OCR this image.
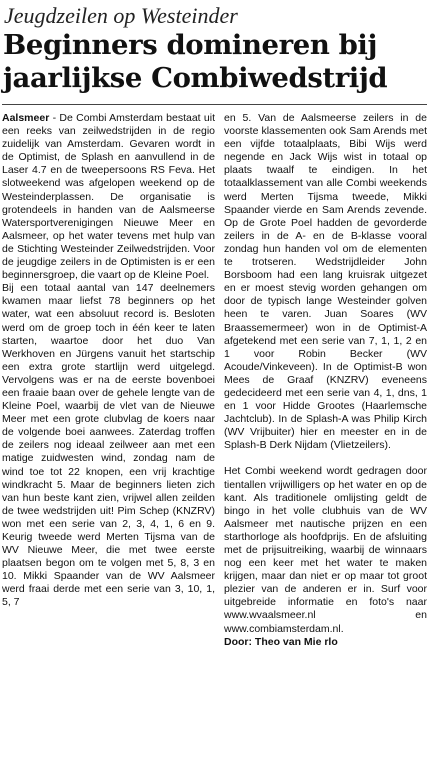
Jeugdzeilen op Westeinder
Beginners domineren bij
jaarlijkse Combiwedstrijd

Aalsmeer - De Combi Amsterdam bestaat uit een reeks van zeilwedstrijden in de regio zuidelijk van Amsterdam. Gevaren wordt in de Optimist, de Splash en aanvullend in de Laser 4.7 en de tweepersoons RS Feva. Het slotweekend was afgelopen weekend op de Westeinderplassen. De organisatie is grotendeels in handen van de Aalsmeerse Watersportverenigingen Nieuwe Meer en Aalsmeer, op het water tevens met hulp van de Stichting Westeinder Zeilwedstrijden. Voor de jeugdige zeilers in de Optimisten is er een beginnersgroep, die vaart op de Kleine Poel.

Bij een totaal aantal van 147 deelnemers kwamen maar liefst 78 beginners op het water, wat een absoluut record is. Besloten werd om de groep toch in één keer te laten starten, waartoe door het duo Van Werkhoven en Jürgens vanuit het startschip een extra grote startlijn werd uitgelegd. Vervolgens was er na de eerste bovenboei een fraaie baan over de gehele lengte van de Kleine Poel, waarbij de vlet van de Nieuwe Meer met een grote clubvlag de koers naar de volgende boei aanwees. Zaterdag troffen de zeilers nog ideaal zeilweer aan met een matige zuidwesten wind, zondag nam de wind toe tot 22 knopen, een vrij krachtige windkracht 5. Maar de beginners lieten zich van hun beste kant zien, vrijwel allen zeilden de twee wedstrijden uit! Pim Schep (KNZRV) won met een serie van 2, 3, 4, 1, 6 en 9. Keurig tweede werd Merten Tijsma van de WV Nieuwe Meer, die met twee eerste plaatsen begon om te volgen met 5, 8, 3 en 10. Mikki Spaander van de WV Aalsmeer werd fraai derde met een serie van 3, 10, 1, 5, 7

en 5. Van de Aalsmeerse zeilers in de voorste klassementen ook Sam Arends met een vijfde totaalplaats, Bibi Wijs werd negende en Jack Wijs wist in totaal op plaats twaalf te eindigen. In het totaalklassement van alle Combi weekends werd Merten Tijsma tweede, Mikki Spaander vierde en Sam Arends zevende. Op de Grote Poel hadden de gevorderde zeilers in de A- en de B-klasse vooral zondag hun handen vol om de elementen te trotseren. Wedstrijdleider John Borsboom had een lang kruisrak uitgezet en er moest stevig worden gehangen om door de typisch lange Westeinder golven heen te varen. Juan Soares (WV Braassemermeer) won in de Optimist-A afgetekend met een serie van 7, 1, 1, 2 en 1 voor Robin Becker (WV Acoude/Vinkeveen). In de Optimist-B won Mees de Graaf (KNZRV) eveneens gedecideerd met een serie van 4, 1, dns, 1 en 1 voor Hidde Grootes (Haarlemsche Jachtclub). In de Splash-A was Philip Kirch (WV Vrijbuiter) hier en meester en in de Splash-B Derk Nijdam (Vlietzeilers).

Het Combi weekend wordt gedragen door tientallen vrijwilligers op het water en op de kant. Als traditionele omlijsting geldt de bingo in het volle clubhuis van de WV Aalsmeer met nautische prijzen en een starthorloge als hoofdprijs. En de afsluiting met de prijsuitreiking, waarbij de winnaars nog een keer met het water te maken krijgen, maar dan niet er op maar tot groot plezier van de anderen er in. Surf voor uitgebreide informatie en foto's naar www.wvaalsmeer.nl en www.combiamsterdam.nl.

Door: Theo van Mie rlo
